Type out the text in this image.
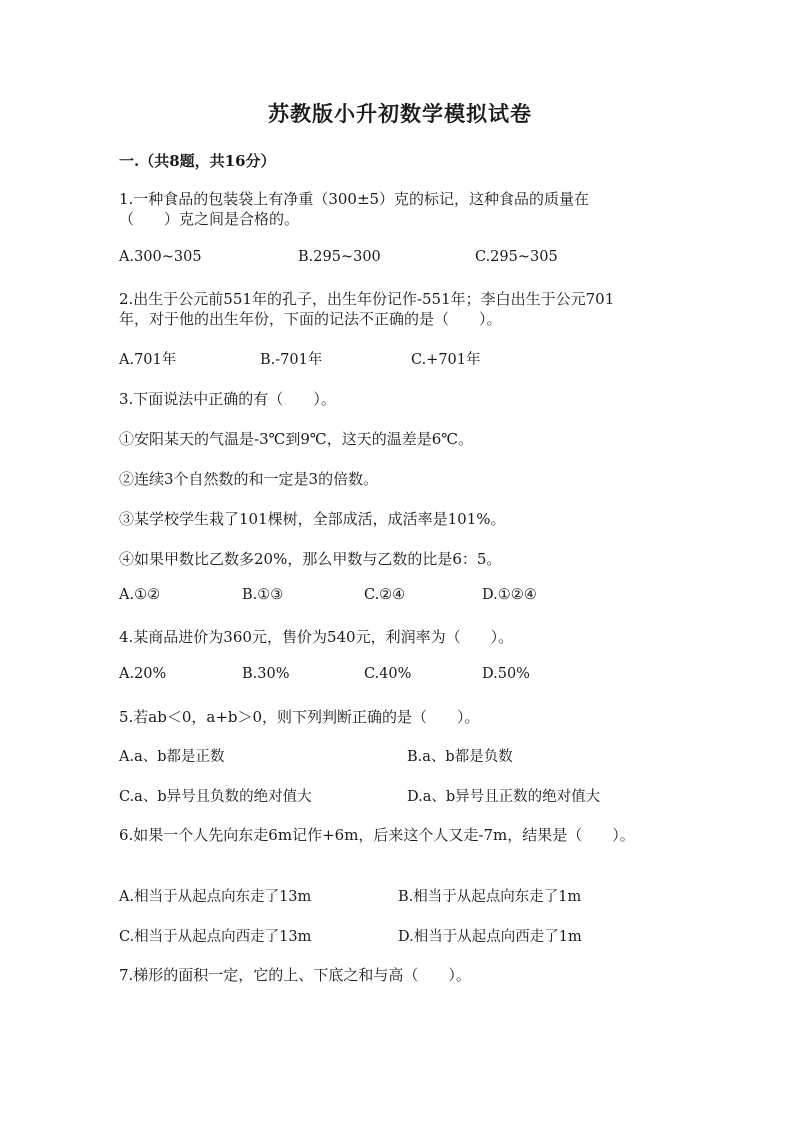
苏教版小升初数学模拟试卷
一.（共8题，共16分）
1.一种食品的包装袋上有净重（300±5）克的标记，这种食品的质量在
（　　）克之间是合格的。
A.300~305	B.295~300	C.295~305
2.出生于公元前551年的孔子，出生年份记作-551年；李白出生于公元701
年，对于他的出生年份，下面的记法不正确的是（　　）。
A.701年	B.-701年	C.+701年
3.下面说法中正确的有（　　）。
①安阳某天的气温是-3℃到9℃，这天的温差是6℃。
②连续3个自然数的和一定是3的倍数。
③某学校学生栽了101棵树，全部成活，成活率是101%。
④如果甲数比乙数多20%，那么甲数与乙数的比是6：5。
A.①②	B.①③	C.②④	D.①②④
4.某商品进价为360元，售价为540元，利润率为（　　）。
A.20%	B.30%	C.40%	D.50%
5.若ab＜0，a+b＞0，则下列判断正确的是（　　）。
A.a、b都是正数	B.a、b都是负数
C.a、b异号且负数的绝对值大	D.a、b异号且正数的绝对值大
6.如果一个人先向东走6m记作+6m，后来这个人又走-7m，结果是（　　）。
A.相当于从起点向东走了13m	B.相当于从起点向东走了1m
C.相当于从起点向西走了13m	D.相当于从起点向西走了1m
7.梯形的面积一定，它的上、下底之和与高（　　）。
